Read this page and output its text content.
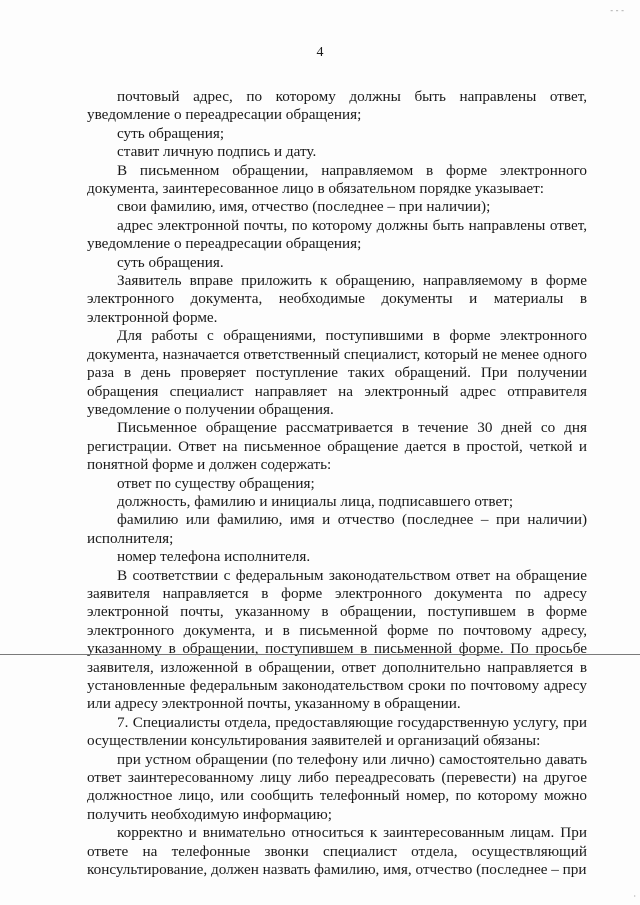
- - -
4

почтовый адрес, по которому должны быть направлены ответ, уведомление о переадресации обращения;

суть обращения;

ставит личную подпись и дату.

В письменном обращении, направляемом в форме электронного документа, заинтересованное лицо в обязательном порядке указывает:

свои фамилию, имя, отчество (последнее – при наличии);

адрес электронной почты, по которому должны быть направлены ответ, уведомление о переадресации обращения;

суть обращения.

Заявитель вправе приложить к обращению, направляемому в форме электронного документа, необходимые документы и материалы в электронной форме.

Для работы с обращениями, поступившими в форме электронного документа, назначается ответственный специалист, который не менее одного раза в день проверяет поступление таких обращений. При получении обращения специалист направляет на электронный адрес отправителя уведомление о получении обращения.

Письменное обращение рассматривается в течение 30 дней со дня регистрации. Ответ на письменное обращение дается в простой, четкой и понятной форме и должен содержать:

ответ по существу обращения;

должность, фамилию и инициалы лица, подписавшего ответ;

фамилию или фамилию, имя и отчество (последнее – при наличии) исполнителя;

номер телефона исполнителя.

В соответствии с федеральным законодательством ответ на обращение заявителя направляется в форме электронного документа по адресу электронной почты, указанному в обращении, поступившем в форме электронного документа, и в письменной форме по почтовому адресу, указанному в обращении, поступившем в письменной форме. По просьбе заявителя, изложенной в обращении, ответ дополнительно направляется в установленные федеральным законодательством сроки по почтовому адресу или адресу электронной почты, указанному в обращении.

7. Специалисты отдела, предоставляющие государственную услугу, при осуществлении консультирования заявителей и организаций обязаны:

при устном обращении (по телефону или лично) самостоятельно давать ответ заинтересованному лицу либо переадресовать (перевести) на другое должностное лицо, или сообщить телефонный номер, по которому можно получить необходимую информацию;

корректно и внимательно относиться к заинтересованным лицам. При ответе на телефонные звонки специалист отдела, осуществляющий консультирование, должен назвать фамилию, имя, отчество (последнее – при

·
